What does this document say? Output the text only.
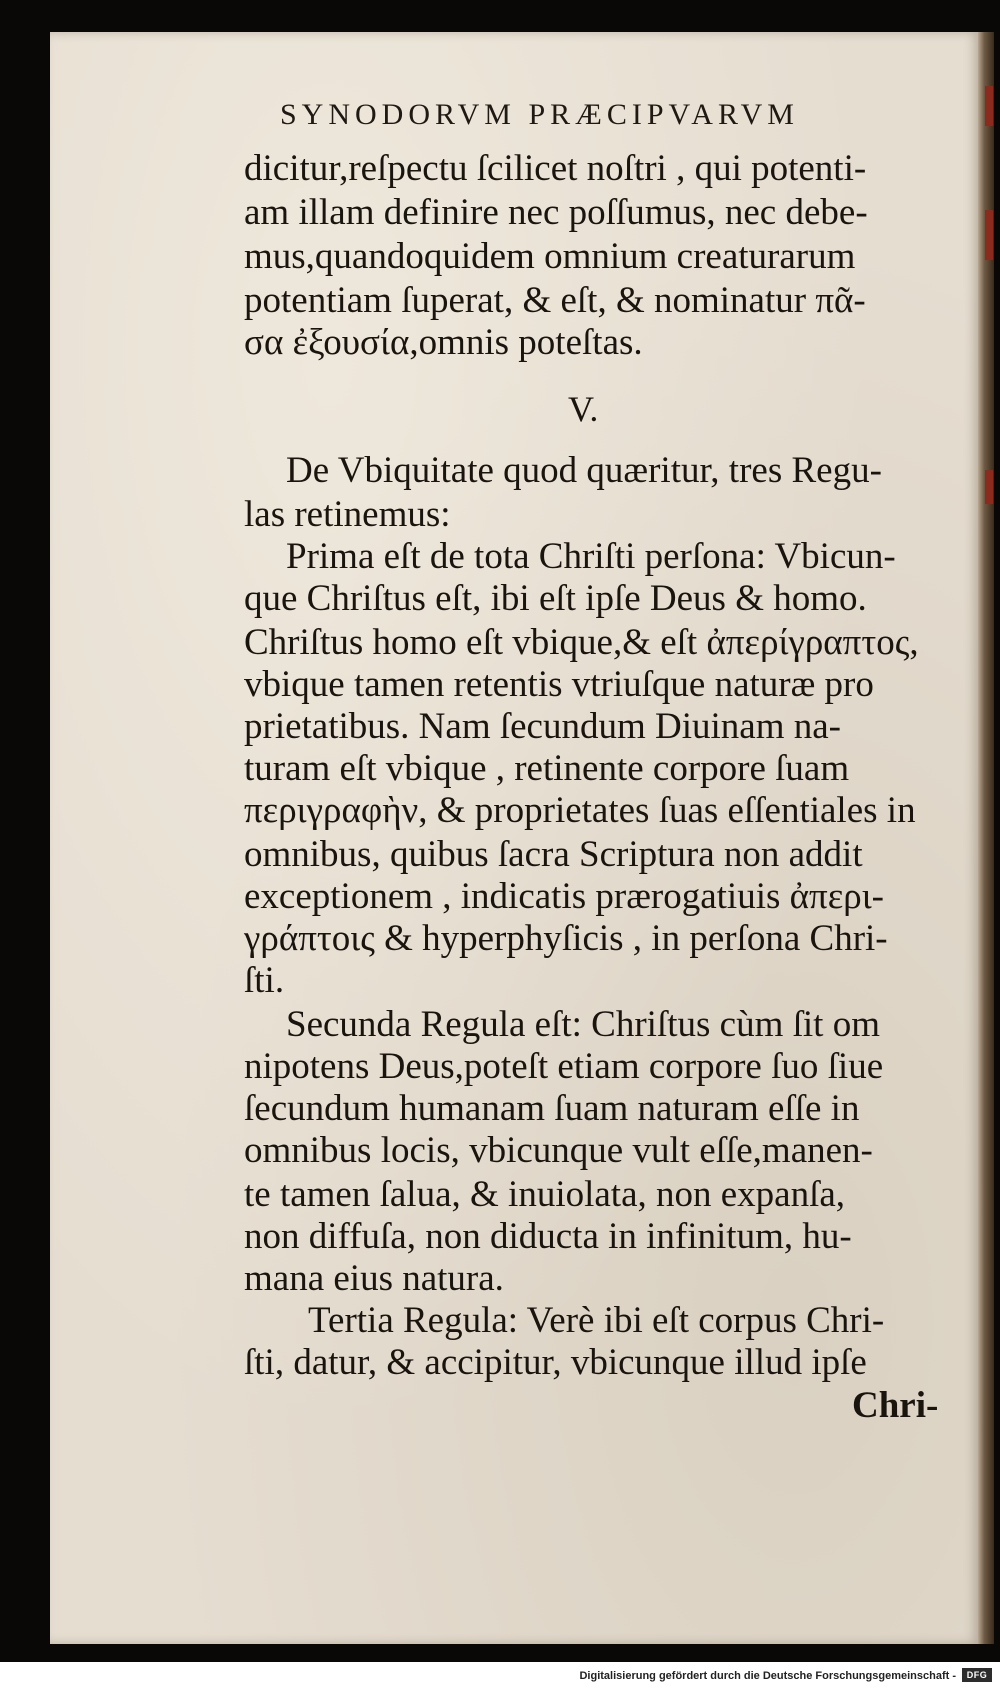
SYNODORVM PRÆCIPVARVM
dicitur,reſpectu ſcilicet noſtri , qui potenti-
am illam definire nec poſſumus, nec debe-
mus,quandoquidem omnium creaturarum
potentiam ſuperat, & eſt, & nominatur πᾶ-
σα ἐξουσία,omnis poteſtas.
V.
De Vbiquitate quod quæritur, tres Regu-
las retinemus:
Prima eſt de tota Chriſti perſona: Vbicun-
que Chriſtus eſt, ibi eſt ipſe Deus & homo.
Chriſtus homo eſt vbique,& eſt ἀπερίγραπτος,
vbique tamen retentis vtriuſque naturæ pro
prietatibus. Nam ſecundum Diuinam na-
turam eſt vbique , retinente corpore ſuam
περιγραφὴν, & proprietates ſuas eſſentiales in
omnibus, quibus ſacra Scriptura non addit
exceptionem , indicatis prærogatiuis ἀπερι-
γράπτοις & hyperphyſicis , in perſona Chri-
ſti.
Secunda Regula eſt: Chriſtus cùm ſit om
nipotens Deus,poteſt etiam corpore ſuo ſiue
ſecundum humanam ſuam naturam eſſe in
omnibus locis, vbicunque vult eſſe,manen-
te tamen ſalua, & inuiolata, non expanſa,
non diffuſa, non diducta in infinitum, hu-
mana eius natura.
Tertia Regula: Verè ibi eſt corpus Chri-
ſti, datur, & accipitur, vbicunque illud ipſe
Chri-
Digitalisierung gefördert durch die Deutsche Forschungsgemeinschaft -	DFG
